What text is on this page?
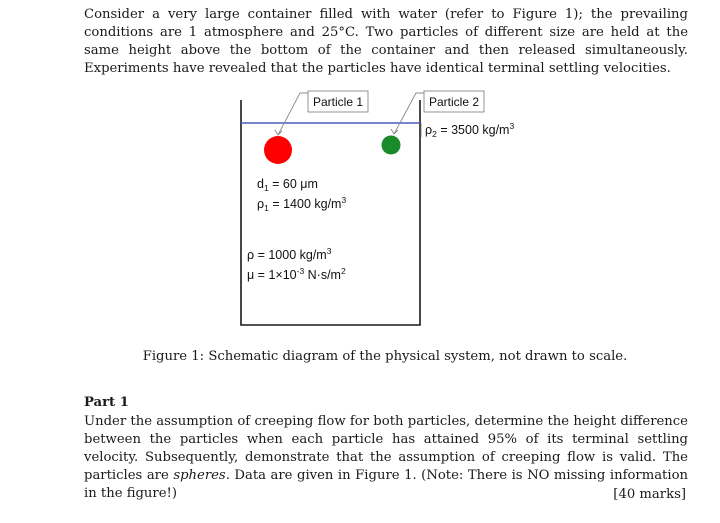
Consider a very large container filled with water (refer to Figure 1); the prevailing conditions are 1 atmosphere and 25°C. Two particles of different size are held at the same height above the bottom of the container and then released simultaneously. Experiments have revealed that the particles have identical terminal settling velocities.

Particle 1	Particle 2
$\rho_2 = 3500$ $kg/m^3$
$d_1 = 60$ μm
$\rho_1 = 1400$ $kg/m^3$
ρ = 1000 $kg/m^3$
$\mu = 1\times 10^{-3}$ $N\cdot s/m^2$
Figure 1: Schematic diagram of the physical system, not drawn to scale.

Part 1

Under the assumption of creeping flow for both particles, determine the height difference between the particles when each particle has attained 95% of its terminal settling velocity. Subsequently, demonstrate that the assumption of creeping flow is valid. The particles are spheres. Data are given in Figure 1. (Note: There is NO missing information in the figure!)	[40 marks]
